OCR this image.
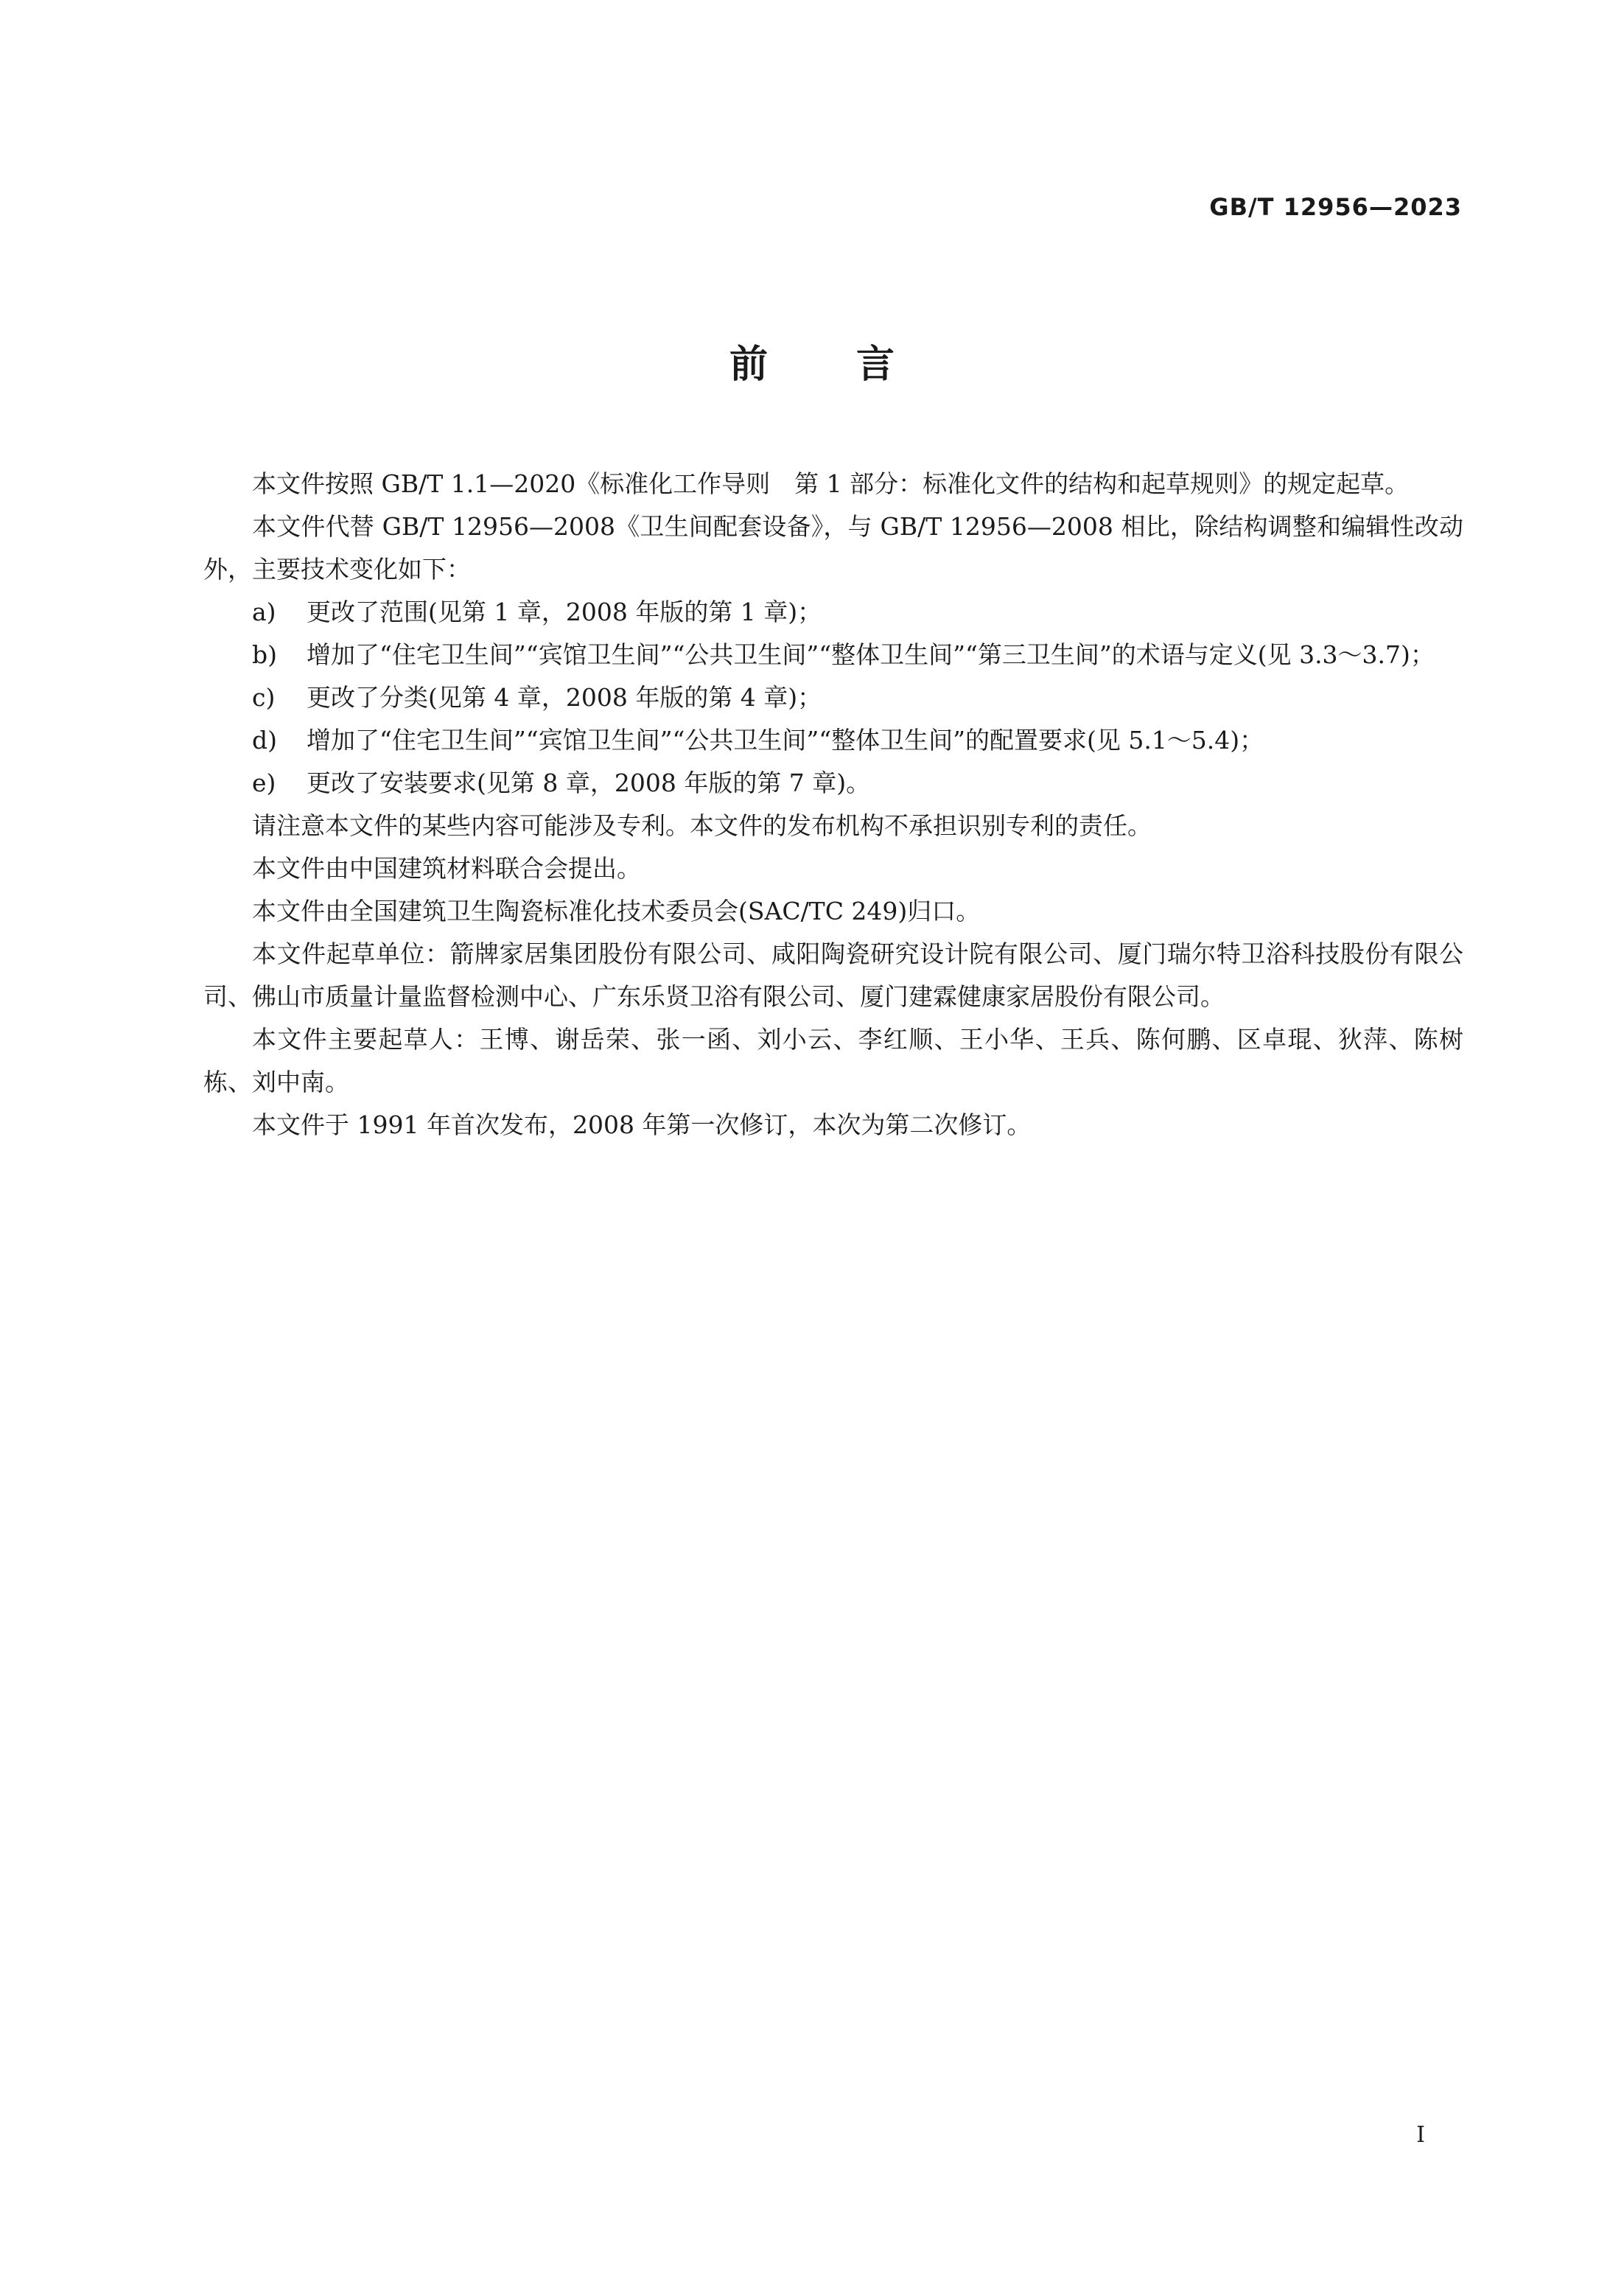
GB/T 12956—2023
前言

本文件按照 GB/T 1.1—2020《标准化工作导则　第 1 部分：标准化文件的结构和起草规则》的规定起草。

本文件代替 GB/T 12956—2008《卫生间配套设备》，与 GB/T 12956—2008 相比，除结构调整和编辑性改动外，主要技术变化如下：

a) 更改了范围(见第 1 章，2008 年版的第 1 章)；
b) 增加了“住宅卫生间”“宾馆卫生间”“公共卫生间”“整体卫生间”“第三卫生间”的术语与定义(见 3.3～3.7)；
c) 更改了分类(见第 4 章，2008 年版的第 4 章)；
d) 增加了“住宅卫生间”“宾馆卫生间”“公共卫生间”“整体卫生间”的配置要求(见 5.1～5.4)；
e) 更改了安装要求(见第 8 章，2008 年版的第 7 章)。

请注意本文件的某些内容可能涉及专利。本文件的发布机构不承担识别专利的责任。

本文件由中国建筑材料联合会提出。

本文件由全国建筑卫生陶瓷标准化技术委员会(SAC/TC 249)归口。

本文件起草单位：箭牌家居集团股份有限公司、咸阳陶瓷研究设计院有限公司、厦门瑞尔特卫浴科技股份有限公司、佛山市质量计量监督检测中心、广东乐贤卫浴有限公司、厦门建霖健康家居股份有限公司。

本文件主要起草人：王博、谢岳荣、张一函、刘小云、李红顺、王小华、王兵、陈何鹏、区卓琨、狄萍、陈树栋、刘中南。

本文件于 1991 年首次发布，2008 年第一次修订，本次为第二次修订。

I
